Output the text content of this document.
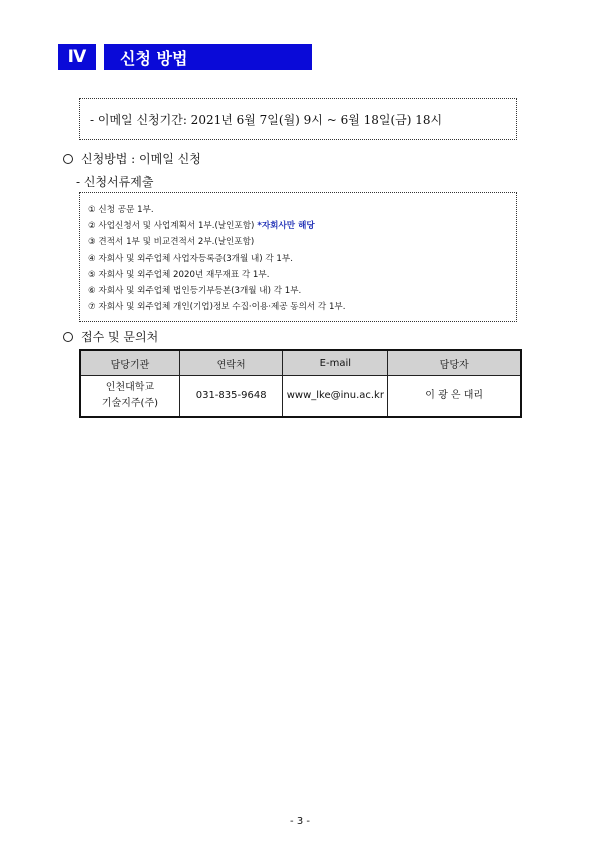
Ⅳ	신청 방법
- 이메일 신청기간: 2021년 6월 7일(월) 9시 ~ 6월 18일(금) 18시
신청방법 : 이메일 신청
- 신청서류제출
① 신청 공문 1부.
② 사업신청서 및 사업계획서 1부.(날인포함) *자회사만 해당
③ 견적서 1부 및 비교견적서 2부.(날인포함)
④ 자회사 및 외주업체 사업자등록증(3개월 내) 각 1부.
⑤ 자회사 및 외주업체 2020년 재무재표 각 1부.
⑥ 자회사 및 외주업체 법인등기부등본(3개월 내) 각 1부.
⑦ 자회사 및 외주업체 개인(기업)정보 수집·이용·제공 동의서 각 1부.
접수 및 문의처
담당기관	연락처	E-mail	담당자
인천대학교
기술지주(주)	031-835-9648	www_lke@inu.ac.kr	이 광 은 대리
- 3 -
